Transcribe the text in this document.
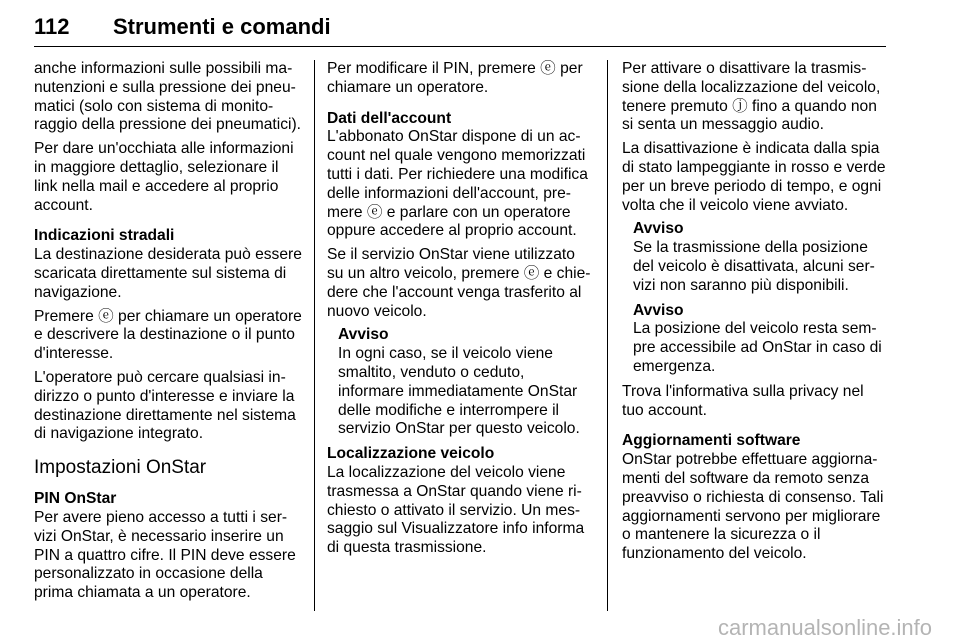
112 Strumenti e comandi

anche informazioni sulle possibili manutenzioni e sulla pressione dei pneumatici (solo con sistema di monitoraggio della pressione dei pneumatici).

Per dare un'occhiata alle informazioni in maggiore dettaglio, selezionare il link nella mail e accedere al proprio account.

Indicazioni stradali

La destinazione desiderata può essere scaricata direttamente sul sistema di navigazione.

Premere ⓔ per chiamare un operatore e descrivere la destinazione o il punto d'interesse.

L'operatore può cercare qualsiasi indirizzo o punto d'interesse e inviare la destinazione direttamente nel sistema di navigazione integrato.

Impostazioni OnStar
PIN OnStar

Per avere pieno accesso a tutti i servizi OnStar, è necessario inserire un PIN a quattro cifre. Il PIN deve essere personalizzato in occasione della prima chiamata a un operatore.

Per modificare il PIN, premere ⓔ per chiamare un operatore.

Dati dell'account

L'abbonato OnStar dispone di un account nel quale vengono memorizzati tutti i dati. Per richiedere una modifica delle informazioni dell'account, premere ⓔ e parlare con un operatore oppure accedere al proprio account.

Se il servizio OnStar viene utilizzato su un altro veicolo, premere ⓔ e chiedere che l'account venga trasferito al nuovo veicolo.

Avviso
In ogni caso, se il veicolo viene smaltito, venduto o ceduto, informare immediatamente OnStar delle modifiche e interrompere il servizio OnStar per questo veicolo.
Localizzazione veicolo

La localizzazione del veicolo viene trasmessa a OnStar quando viene richiesto o attivato il servizio. Un messaggio sul Visualizzatore info informa di questa trasmissione.

Per attivare o disattivare la trasmissione della localizzazione del veicolo, tenere premuto ⓙ fino a quando non si senta un messaggio audio.

La disattivazione è indicata dalla spia di stato lampeggiante in rosso e verde per un breve periodo di tempo, e ogni volta che il veicolo viene avviato.

Avviso
Se la trasmissione della posizione del veicolo è disattivata, alcuni servizi non saranno più disponibili.
Avviso
La posizione del veicolo resta sempre accessibile ad OnStar in caso di emergenza.

Trova l'informativa sulla privacy nel tuo account.

Aggiornamenti software

OnStar potrebbe effettuare aggiornamenti del software da remoto senza preavviso o richiesta di consenso. Tali aggiornamenti servono per migliorare o mantenere la sicurezza o il funzionamento del veicolo.

carmanualsonline.info
